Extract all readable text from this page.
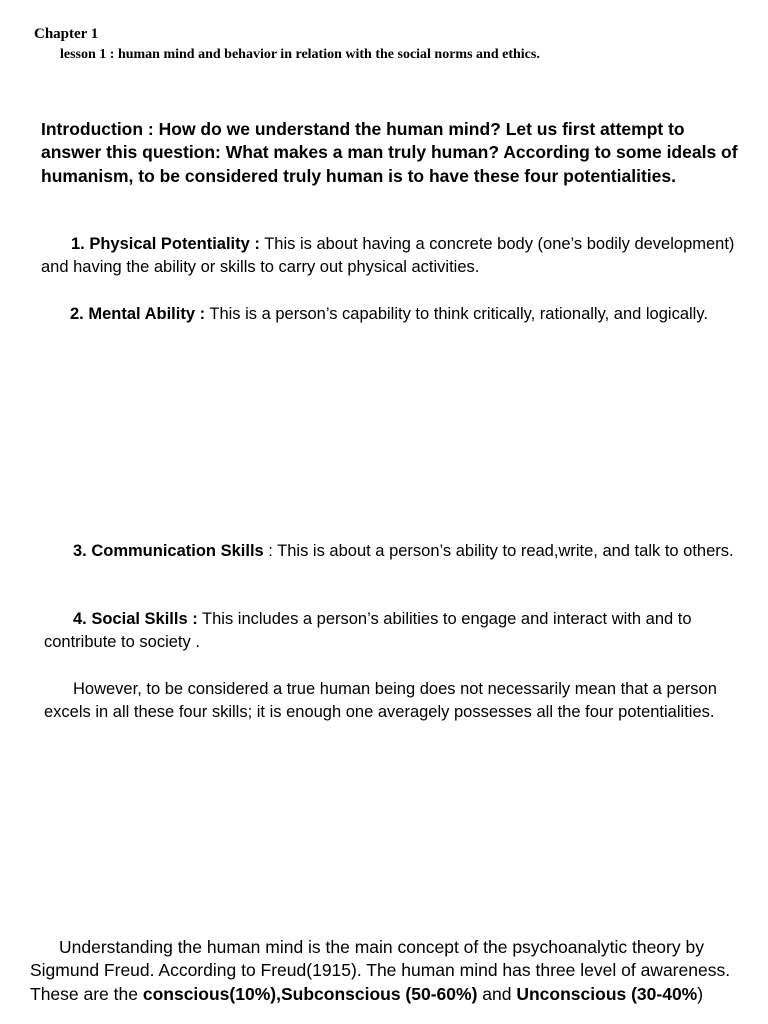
Chapter 1
lesson 1 : human mind and behavior in relation with the social norms and ethics.

Introduction : How do we understand the human mind? Let us first attempt to answer this question: What makes a man truly human? According to some ideals of humanism, to be considered truly human is to have these four potentialities.

1. Physical Potentiality : This is about having a concrete body (one’s bodily development) and having the ability or skills to carry out physical activities.

2. Mental Ability : This is a person’s capability to think critically, rationally, and logically.

3. Communication Skills : This is about a person’s ability to read,write, and talk to others.

4. Social Skills : This includes a person’s abilities to engage and interact with and to contribute to society .

However, to be considered a true human being does not necessarily mean that a person excels in all these four skills; it is enough one averagely possesses all the four potentialities.

Understanding the human mind is the main concept of the psychoanalytic theory by Sigmund Freud. According to Freud(1915). The human mind has three level of awareness. These are the conscious(10%),Subconscious (50-60%) and Unconscious (30-40%)
